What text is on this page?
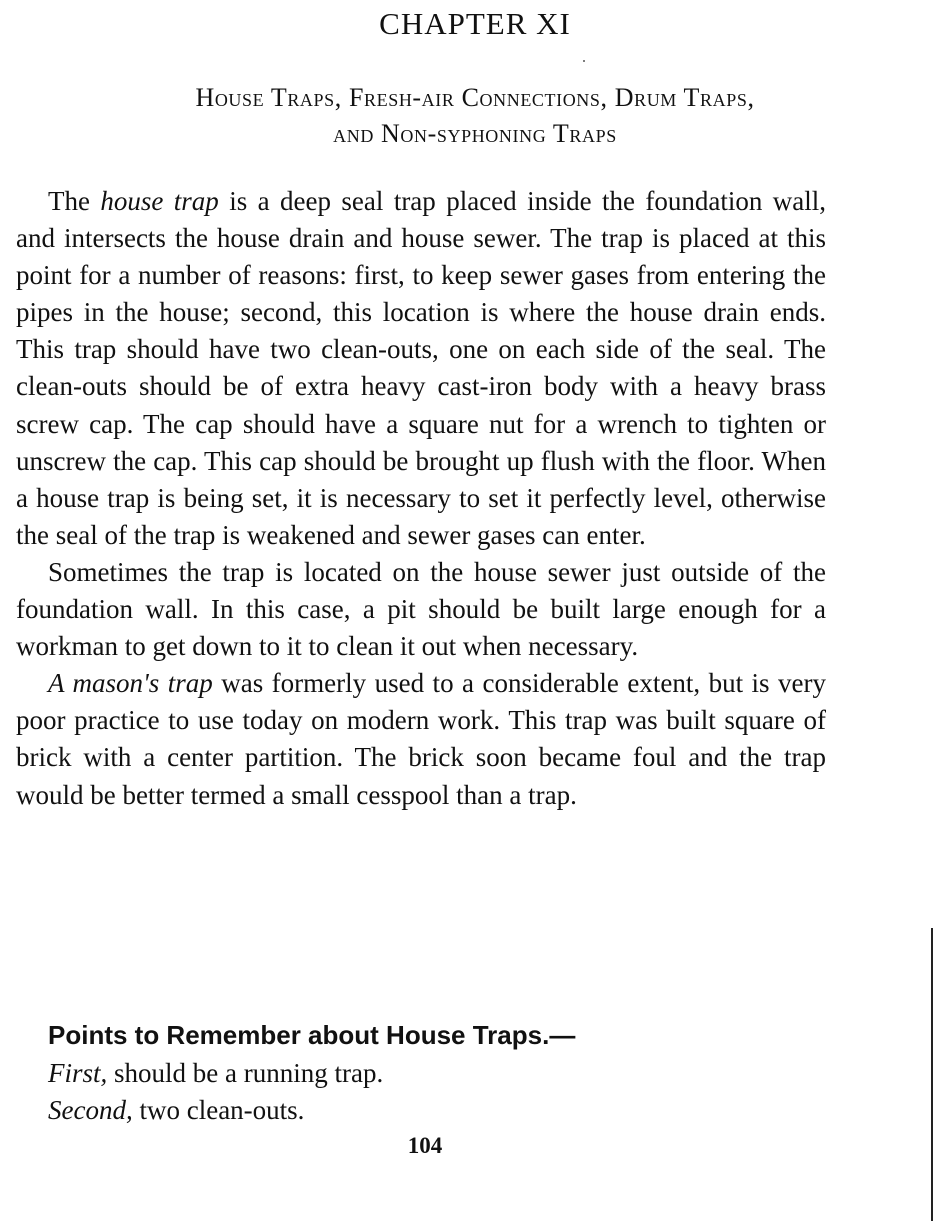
CHAPTER XI
House Traps, Fresh-air Connections, Drum Traps,
and Non-syphoning Traps

The house trap is a deep seal trap placed inside the foundation wall, and intersects the house drain and house sewer. The trap is placed at this point for a number of reasons: first, to keep sewer gases from entering the pipes in the house; second, this location is where the house drain ends. This trap should have two clean-outs, one on each side of the seal. The clean-outs should be of extra heavy cast-iron body with a heavy brass screw cap. The cap should have a square nut for a wrench to tighten or unscrew the cap. This cap should be brought up flush with the floor. When a house trap is being set, it is necessary to set it perfectly level, otherwise the seal of the trap is weakened and sewer gases can enter.

Sometimes the trap is located on the house sewer just outside of the foundation wall. In this case, a pit should be built large enough for a workman to get down to it to clean it out when necessary.

A mason's trap was formerly used to a considerable extent, but is very poor practice to use today on modern work. This trap was built square of brick with a center partition. The brick soon became foul and the trap would be better termed a small cesspool than a trap.

Points to Remember about House Traps.—
First, should be a running trap.
Second, two clean-outs.
104
